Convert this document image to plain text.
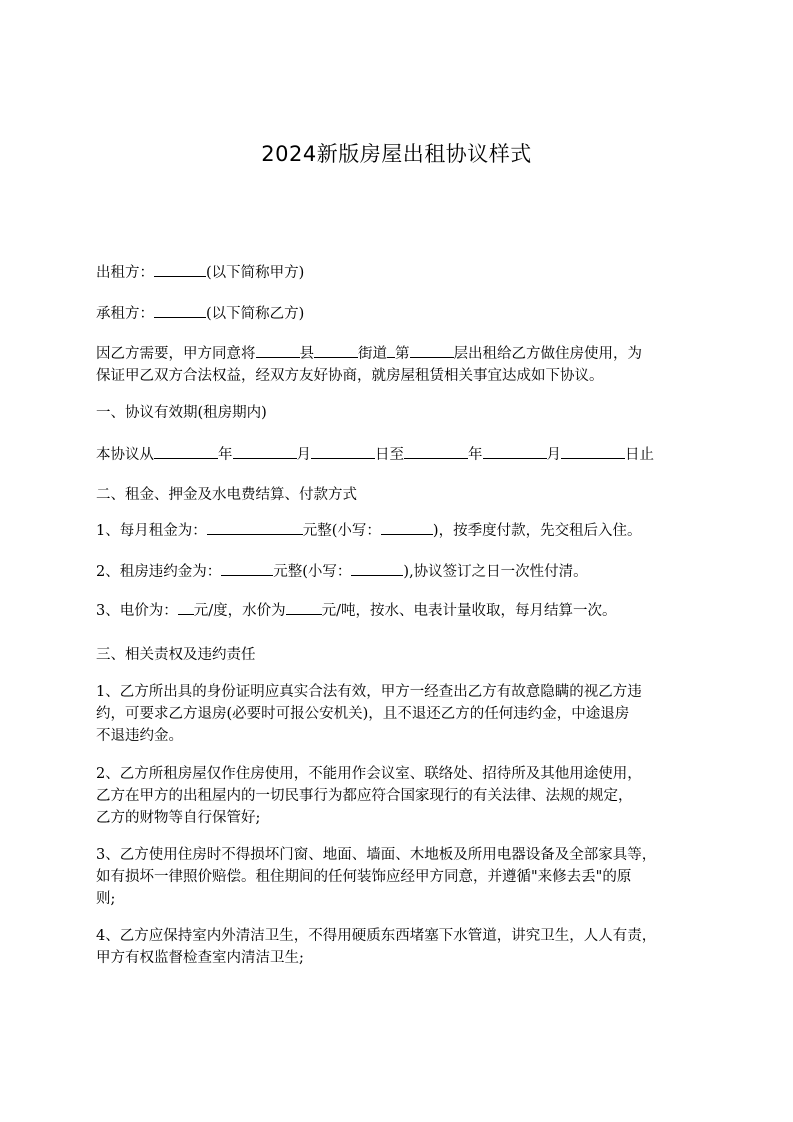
2024新版房屋出租协议样式
出租方：	(以下简称甲方)
承租方：	(以下简称乙方)
因乙方需要，甲方同意将	县	街道 第	层出租给乙方做住房使用，为
保证甲乙双方合法权益，经双方友好协商，就房屋租赁相关事宜达成如下协议。
一、协议有效期(租房期内)
本协议从	年	月	日至	年	月	日止
二、租金、押金及水电费结算、付款方式
1、每月租金为：	元整(小写：	)，按季度付款，先交租后入住。
2、租房违约金为：	元整(小写：	),协议签订之日一次性付清。
3、电价为： 元/度，水价为 元/吨，按水、电表计量收取，每月结算一次。
三、相关责权及违约责任
1、乙方所出具的身份证明应真实合法有效，甲方一经查出乙方有故意隐瞒的视乙方违
约，可要求乙方退房(必要时可报公安机关)，且不退还乙方的任何违约金，中途退房
不退违约金。
2、乙方所租房屋仅作住房使用，不能用作会议室、联络处、招待所及其他用途使用，
乙方在甲方的出租屋内的一切民事行为都应符合国家现行的有关法律、法规的规定，
乙方的财物等自行保管好;
3、乙方使用住房时不得损坏门窗、地面、墙面、木地板及所用电器设备及全部家具等，
如有损坏一律照价赔偿。租住期间的任何装饰应经甲方同意，并遵循"来修去丢"的原
则;
4、乙方应保持室内外清洁卫生，不得用硬质东西堵塞下水管道，讲究卫生，人人有责，
甲方有权监督检查室内清洁卫生;
